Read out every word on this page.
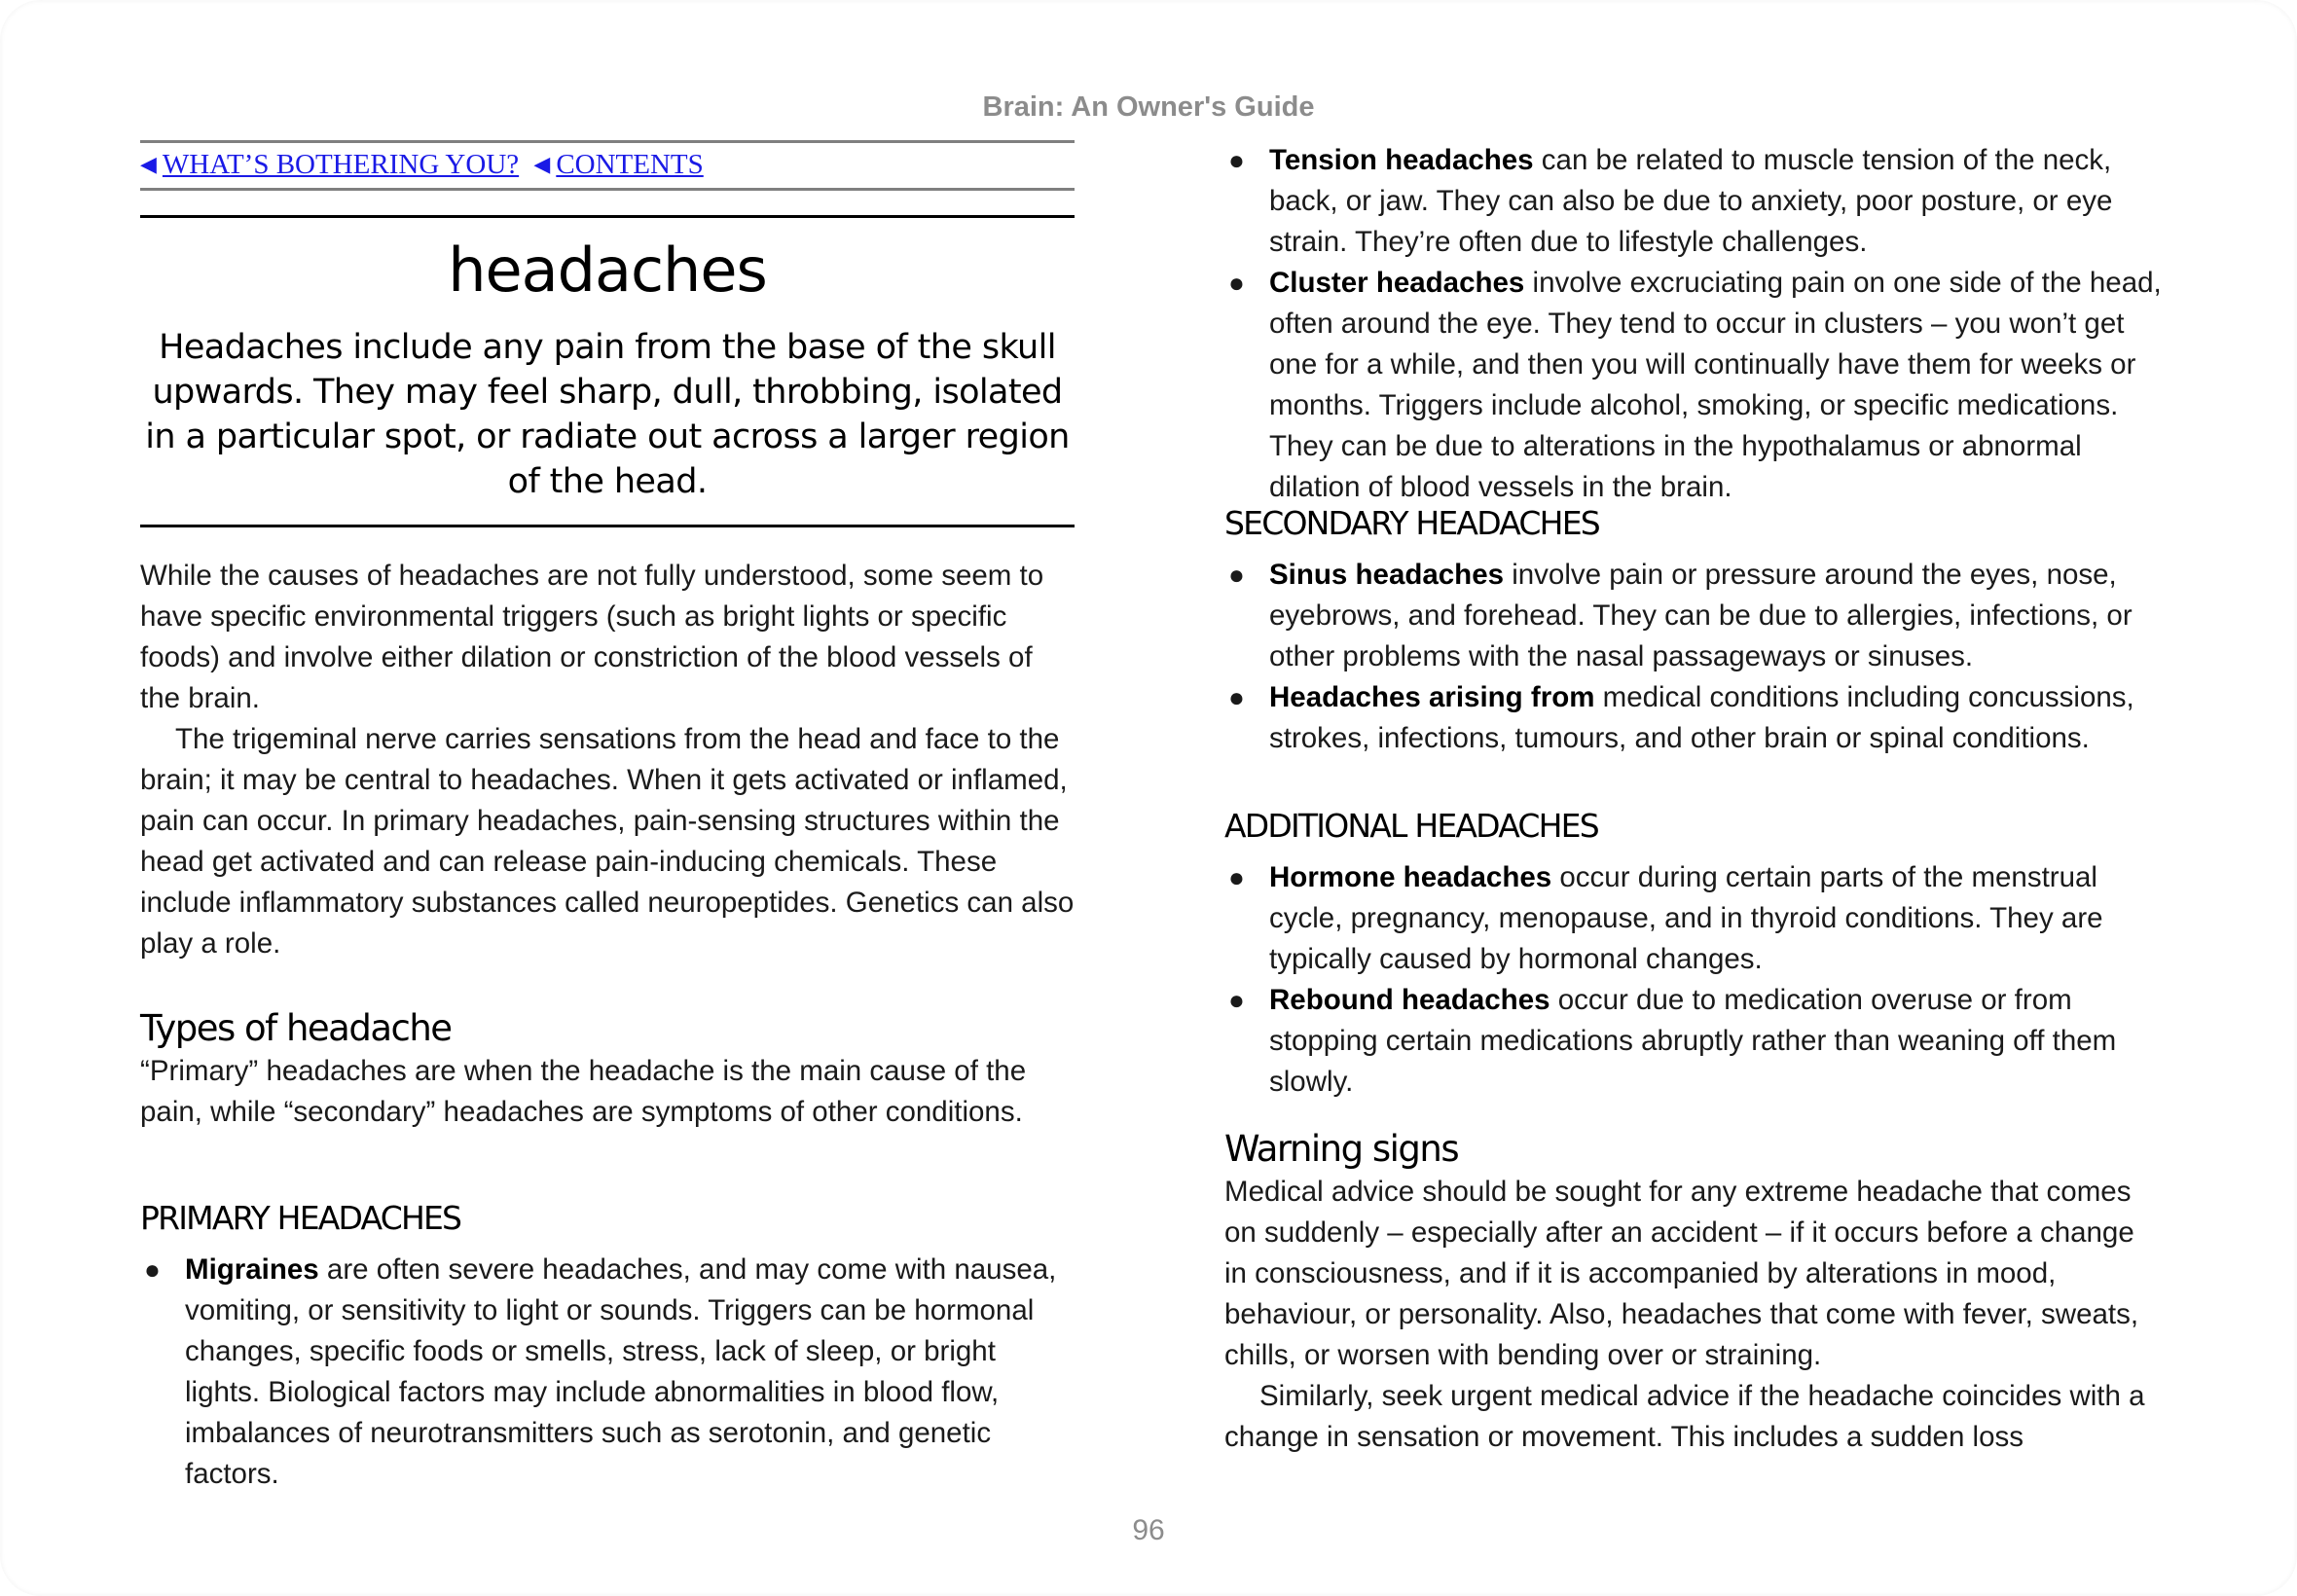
Brain: An Owner's Guide
◀ WHAT’S BOTHERING YOU? ◀ CONTENTS
headaches
Headaches include any pain from the base of the skull upwards. They may feel sharp, dull, throbbing, isolated in a particular spot, or radiate out across a larger region of the head.

While the causes of headaches are not fully understood, some seem to have specific environmental triggers (such as bright lights or specific foods) and involve either dilation or constriction of the blood vessels of the brain.

The trigeminal nerve carries sensations from the head and face to the brain; it may be central to headaches. When it gets activated or inflamed, pain can occur. In primary headaches, pain-sensing structures within the head get activated and can release pain-inducing chemicals. These include inflammatory substances called neuropeptides. Genetics can also play a role.

Types of headache

“Primary” headaches are when the headache is the main cause of the pain, while “secondary” headaches are symptoms of other conditions.

PRIMARY HEADACHES
● Migraines are often severe headaches, and may come with nausea, vomiting, or sensitivity to light or sounds. Triggers can be hormonal changes, specific foods or smells, stress, lack of sleep, or bright lights. Biological factors may include abnormalities in blood flow, imbalances of neurotransmitters such as serotonin, and genetic factors.
● Tension headaches can be related to muscle tension of the neck, back, or jaw. They can also be due to anxiety, poor posture, or eye strain. They’re often due to lifestyle challenges.
● Cluster headaches involve excruciating pain on one side of the head, often around the eye. They tend to occur in clusters – you won’t get one for a while, and then you will continually have them for weeks or months. Triggers include alcohol, smoking, or specific medications. They can be due to alterations in the hypothalamus or abnormal dilation of blood vessels in the brain.
SECONDARY HEADACHES
● Sinus headaches involve pain or pressure around the eyes, nose, eyebrows, and forehead. They can be due to allergies, infections, or other problems with the nasal passageways or sinuses.
● Headaches arising from medical conditions including concussions, strokes, infections, tumours, and other brain or spinal conditions.
ADDITIONAL HEADACHES
● Hormone headaches occur during certain parts of the menstrual cycle, pregnancy, menopause, and in thyroid conditions. They are typically caused by hormonal changes.
● Rebound headaches occur due to medication overuse or from stopping certain medications abruptly rather than weaning off them slowly.
Warning signs

Medical advice should be sought for any extreme headache that comes on suddenly – especially after an accident – if it occurs before a change in consciousness, and if it is accompanied by alterations in mood, behaviour, or personality. Also, headaches that come with fever, sweats, chills, or worsen with bending over or straining.

Similarly, seek urgent medical advice if the headache coincides with a change in sensation or movement. This includes a sudden loss

96
